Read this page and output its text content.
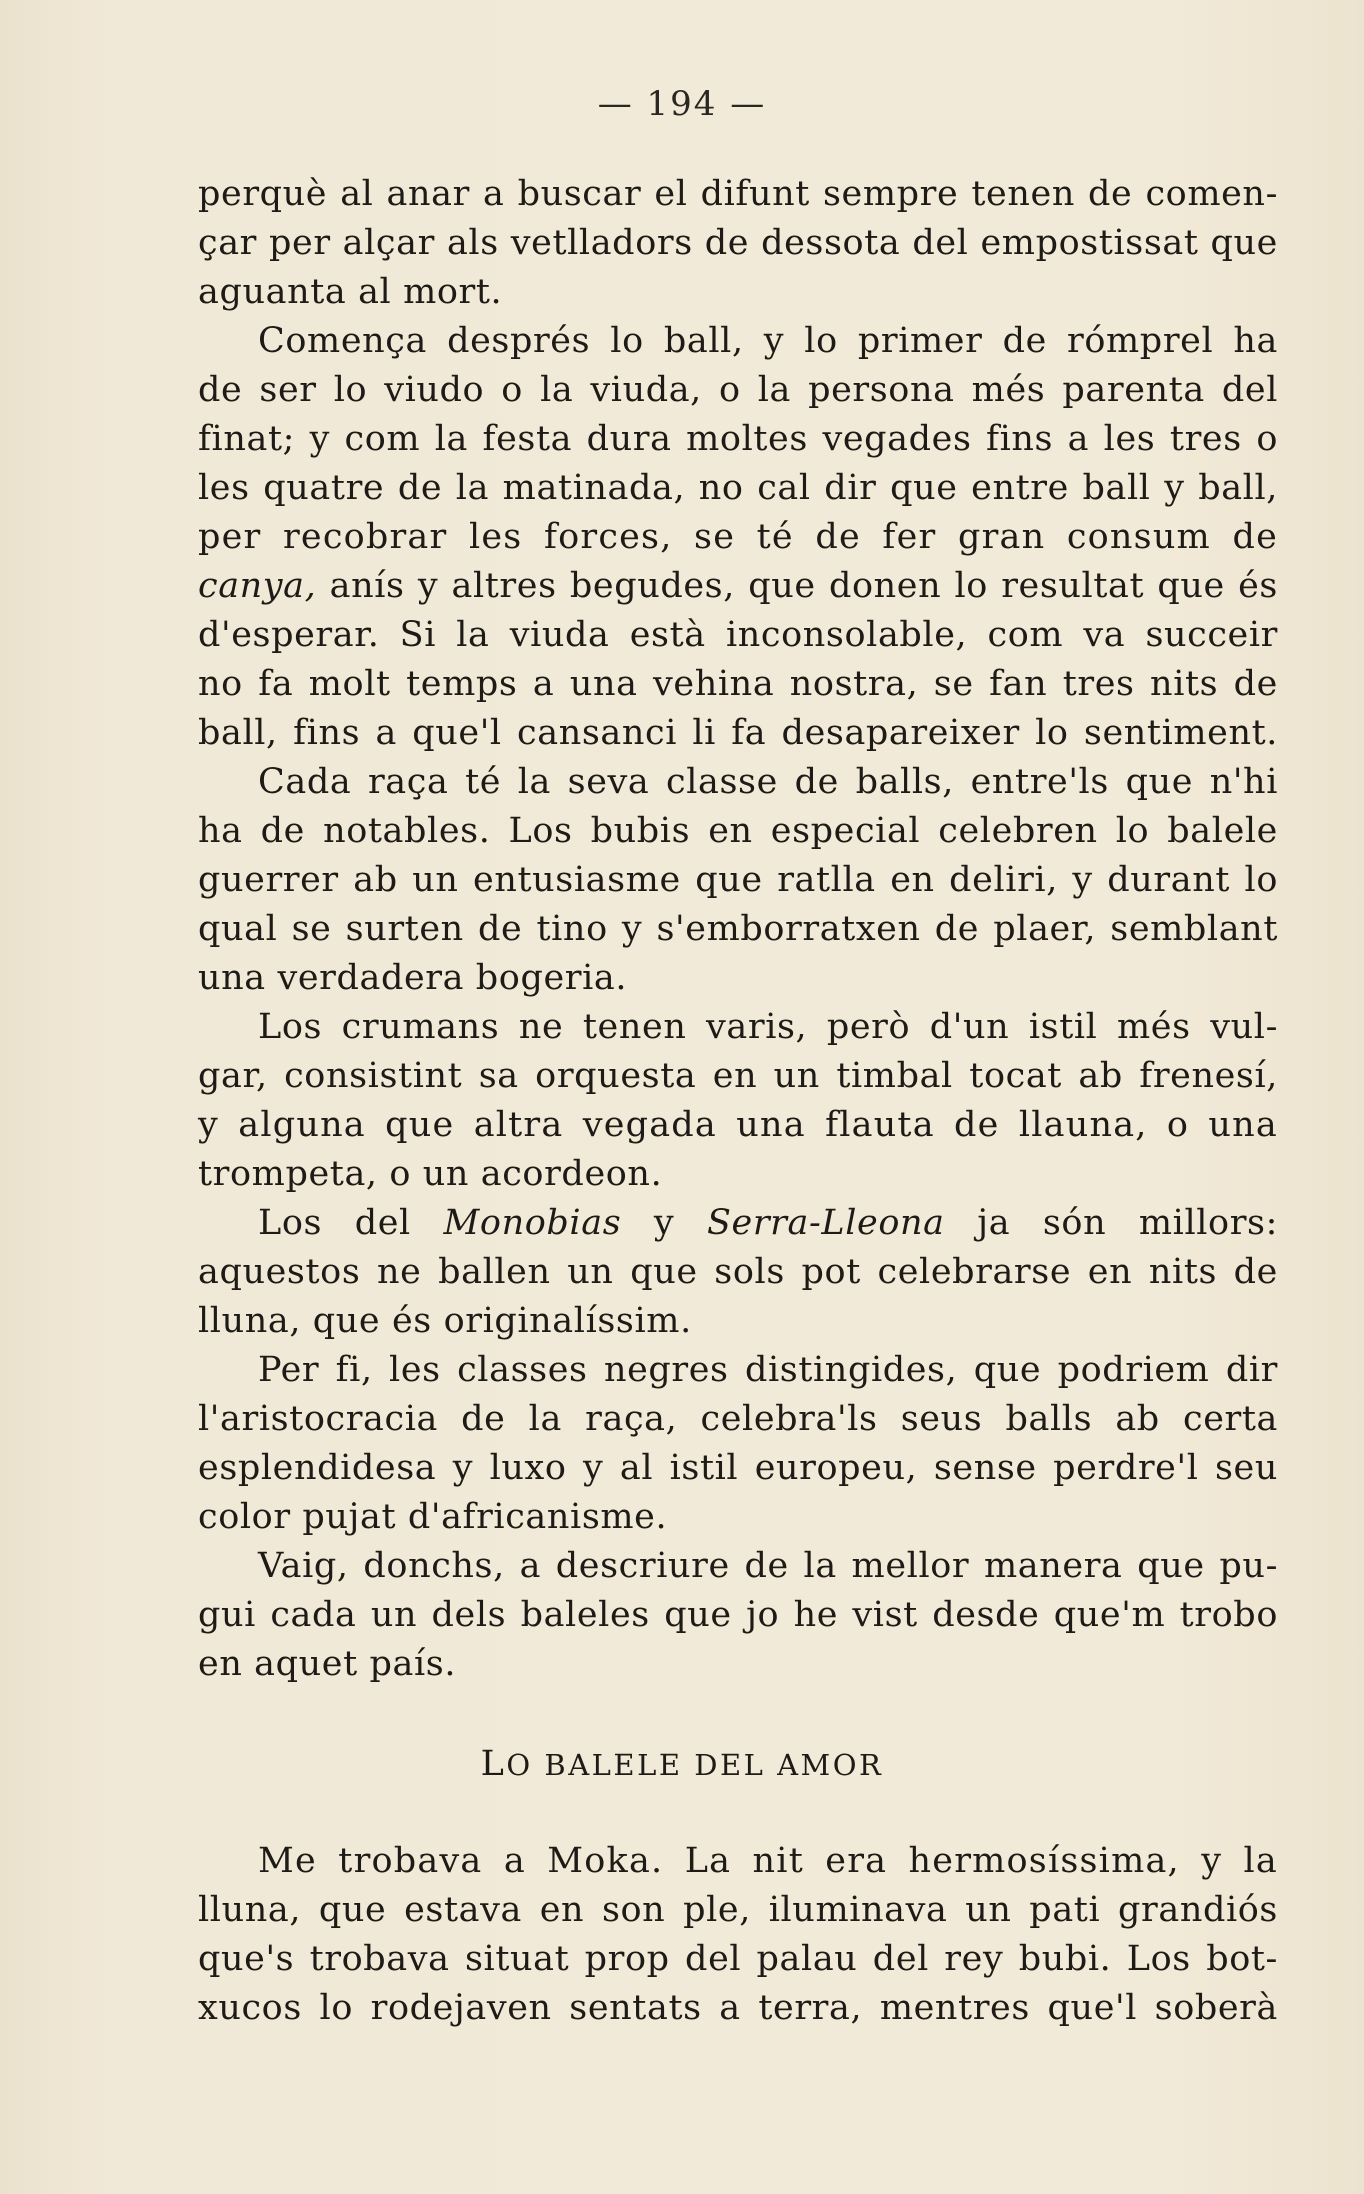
— 194 —
perquè al anar a buscar el difunt sempre tenen de comen-
çar per alçar als vetlladors de dessota del empostissat que
aguanta al mort.
Comença després lo ball, y lo primer de rómprel ha
de ser lo viudo o la viuda, o la persona més parenta del
finat; y com la festa dura moltes vegades fins a les tres o
les quatre de la matinada, no cal dir que entre ball y ball,
per recobrar les forces, se té de fer gran consum de
canya, anís y altres begudes, que donen lo resultat que és
d'esperar. Si la viuda està inconsolable, com va succeir
no fa molt temps a una vehina nostra, se fan tres nits de
ball, fins a que'l cansanci li fa desapareixer lo sentiment.
Cada raça té la seva classe de balls, entre'ls que n'hi
ha de notables. Los bubis en especial celebren lo balele
guerrer ab un entusiasme que ratlla en deliri, y durant lo
qual se surten de tino y s'emborratxen de plaer, semblant
una verdadera bogeria.
Los crumans ne tenen varis, però d'un istil més vul-
gar, consistint sa orquesta en un timbal tocat ab frenesí,
y alguna que altra vegada una flauta de llauna, o una
trompeta, o un acordeon.
Los del Monobias y Serra-Lleona ja són millors:
aquestos ne ballen un que sols pot celebrarse en nits de
lluna, que és originalíssim.
Per fi, les classes negres distingides, que podriem dir
l'aristocracia de la raça, celebra'ls seus balls ab certa
esplendidesa y luxo y al istil europeu, sense perdre'l seu
color pujat d'africanisme.
Vaig, donchs, a descriure de la mellor manera que pu-
gui cada un dels baleles que jo he vist desde que'm trobo
en aquet país.
LO BALELE DEL AMOR
Me trobava a Moka. La nit era hermosíssima, y la
lluna, que estava en son ple, iluminava un pati grandiós
que's trobava situat prop del palau del rey bubi. Los bot-
xucos lo rodejaven sentats a terra, mentres que'l soberà
